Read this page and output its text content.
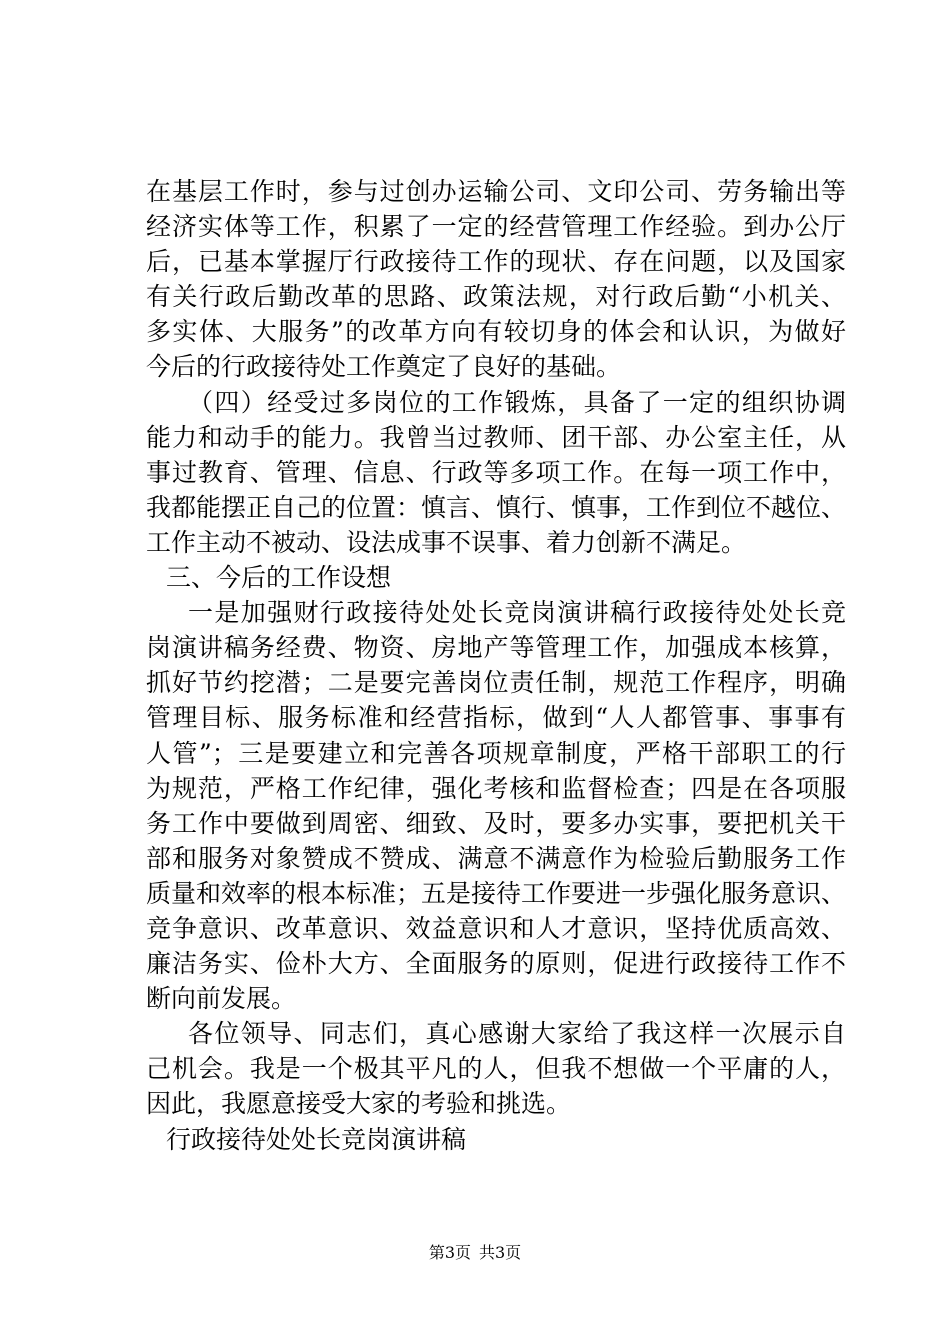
在基层工作时，参与过创办运输公司、文印公司、劳务输出等
经济实体等工作，积累了一定的经营管理工作经验。到办公厅
后，已基本掌握厅行政接待工作的现状、存在问题，以及国家
有关行政后勤改革的思路、政策法规，对行政后勤“小机关、
多实体、大服务”的改革方向有较切身的体会和认识，为做好
今后的行政接待处工作奠定了良好的基础。
（四）经受过多岗位的工作锻炼，具备了一定的组织协调
能力和动手的能力。我曾当过教师、团干部、办公室主任，从
事过教育、管理、信息、行政等多项工作。在每一项工作中，
我都能摆正自己的位置：慎言、慎行、慎事，工作到位不越位、
工作主动不被动、设法成事不误事、着力创新不满足。
三、今后的工作设想
一是加强财行政接待处处长竞岗演讲稿行政接待处处长竞
岗演讲稿务经费、物资、房地产等管理工作，加强成本核算，
抓好节约挖潜；二是要完善岗位责任制，规范工作程序，明确
管理目标、服务标准和经营指标，做到“人人都管事、事事有
人管”；三是要建立和完善各项规章制度，严格干部职工的行
为规范，严格工作纪律，强化考核和监督检查；四是在各项服
务工作中要做到周密、细致、及时，要多办实事，要把机关干
部和服务对象赞成不赞成、满意不满意作为检验后勤服务工作
质量和效率的根本标准；五是接待工作要进一步强化服务意识、
竞争意识、改革意识、效益意识和人才意识，坚持优质高效、
廉洁务实、俭朴大方、全面服务的原则，促进行政接待工作不
断向前发展。
各位领导、同志们，真心感谢大家给了我这样一次展示自
己机会。我是一个极其平凡的人，但我不想做一个平庸的人，
因此，我愿意接受大家的考验和挑选。
行政接待处处长竞岗演讲稿
第3页 共3页
